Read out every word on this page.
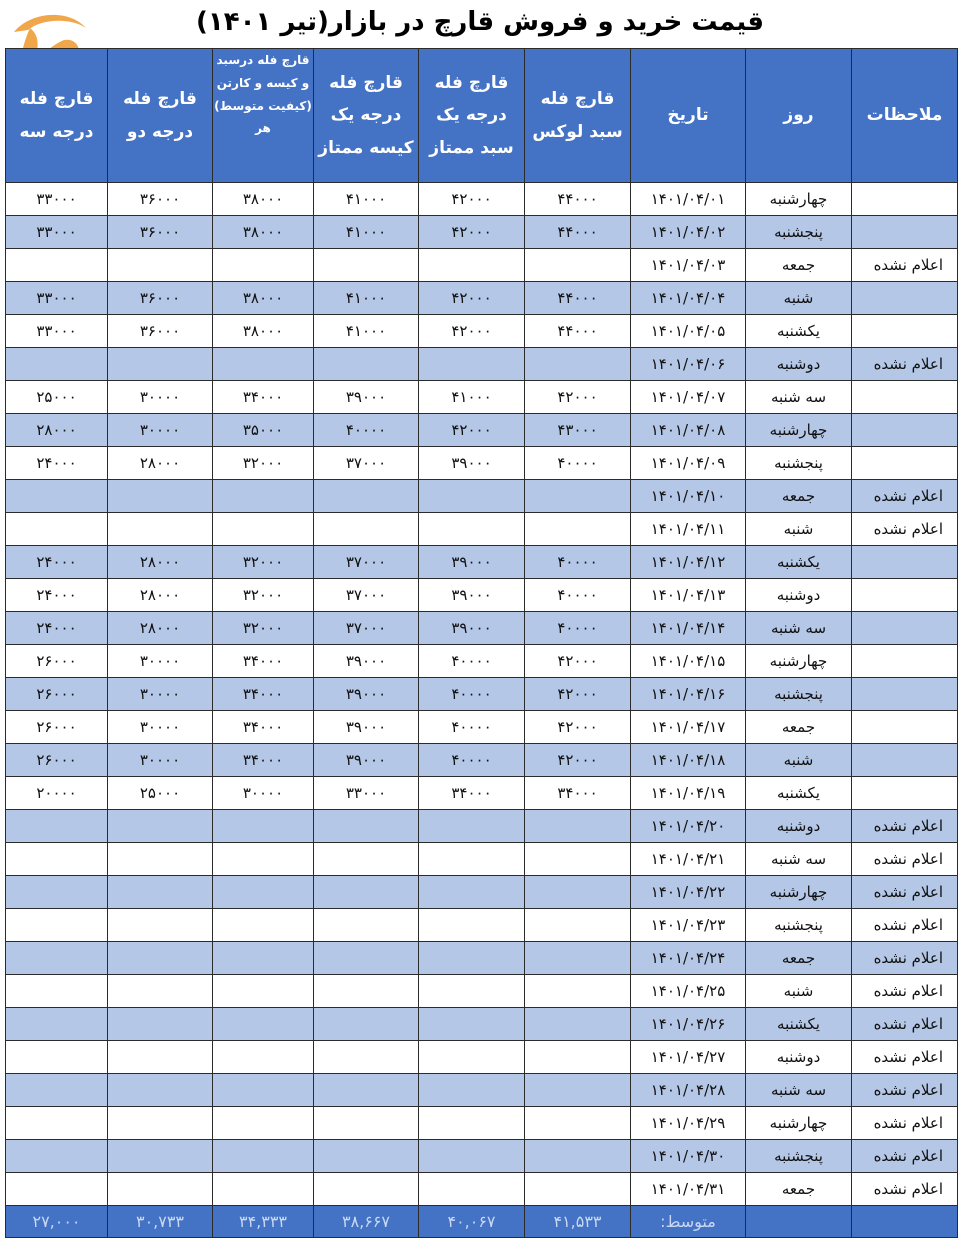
قیمت خرید و فروش قارچ در بازار(تیر ۱۴۰۱)
ملاحظات	روز	تاریخ	قارچ فله سبد لوکس	قارچ فله درجه یک سبد ممتاز	قارچ فله درجه یک کیسه ممتاز	قارچ فله درسبد و کیسه و کارتن (کیفیت متوسط) هر	قارچ فله درجه دو	قارچ فله درجه سه
	چهارشنبه	۱۴۰۱/۰۴/۰۱	۴۴۰۰۰	۴۲۰۰۰	۴۱۰۰۰	۳۸۰۰۰	۳۶۰۰۰	۳۳۰۰۰
	پنجشنبه	۱۴۰۱/۰۴/۰۲	۴۴۰۰۰	۴۲۰۰۰	۴۱۰۰۰	۳۸۰۰۰	۳۶۰۰۰	۳۳۰۰۰
اعلام نشده	جمعه	۱۴۰۱/۰۴/۰۳						
	شنبه	۱۴۰۱/۰۴/۰۴	۴۴۰۰۰	۴۲۰۰۰	۴۱۰۰۰	۳۸۰۰۰	۳۶۰۰۰	۳۳۰۰۰
	یکشنبه	۱۴۰۱/۰۴/۰۵	۴۴۰۰۰	۴۲۰۰۰	۴۱۰۰۰	۳۸۰۰۰	۳۶۰۰۰	۳۳۰۰۰
اعلام نشده	دوشنبه	۱۴۰۱/۰۴/۰۶						
	سه شنبه	۱۴۰۱/۰۴/۰۷	۴۲۰۰۰	۴۱۰۰۰	۳۹۰۰۰	۳۴۰۰۰	۳۰۰۰۰	۲۵۰۰۰
	چهارشنبه	۱۴۰۱/۰۴/۰۸	۴۳۰۰۰	۴۲۰۰۰	۴۰۰۰۰	۳۵۰۰۰	۳۰۰۰۰	۲۸۰۰۰
	پنجشنبه	۱۴۰۱/۰۴/۰۹	۴۰۰۰۰	۳۹۰۰۰	۳۷۰۰۰	۳۲۰۰۰	۲۸۰۰۰	۲۴۰۰۰
اعلام نشده	جمعه	۱۴۰۱/۰۴/۱۰						
اعلام نشده	شنبه	۱۴۰۱/۰۴/۱۱						
	یکشنبه	۱۴۰۱/۰۴/۱۲	۴۰۰۰۰	۳۹۰۰۰	۳۷۰۰۰	۳۲۰۰۰	۲۸۰۰۰	۲۴۰۰۰
	دوشنبه	۱۴۰۱/۰۴/۱۳	۴۰۰۰۰	۳۹۰۰۰	۳۷۰۰۰	۳۲۰۰۰	۲۸۰۰۰	۲۴۰۰۰
	سه شنبه	۱۴۰۱/۰۴/۱۴	۴۰۰۰۰	۳۹۰۰۰	۳۷۰۰۰	۳۲۰۰۰	۲۸۰۰۰	۲۴۰۰۰
	چهارشنبه	۱۴۰۱/۰۴/۱۵	۴۲۰۰۰	۴۰۰۰۰	۳۹۰۰۰	۳۴۰۰۰	۳۰۰۰۰	۲۶۰۰۰
	پنجشنبه	۱۴۰۱/۰۴/۱۶	۴۲۰۰۰	۴۰۰۰۰	۳۹۰۰۰	۳۴۰۰۰	۳۰۰۰۰	۲۶۰۰۰
	جمعه	۱۴۰۱/۰۴/۱۷	۴۲۰۰۰	۴۰۰۰۰	۳۹۰۰۰	۳۴۰۰۰	۳۰۰۰۰	۲۶۰۰۰
	شنبه	۱۴۰۱/۰۴/۱۸	۴۲۰۰۰	۴۰۰۰۰	۳۹۰۰۰	۳۴۰۰۰	۳۰۰۰۰	۲۶۰۰۰
	یکشنبه	۱۴۰۱/۰۴/۱۹	۳۴۰۰۰	۳۴۰۰۰	۳۳۰۰۰	۳۰۰۰۰	۲۵۰۰۰	۲۰۰۰۰
اعلام نشده	دوشنبه	۱۴۰۱/۰۴/۲۰						
اعلام نشده	سه شنبه	۱۴۰۱/۰۴/۲۱						
اعلام نشده	چهارشنبه	۱۴۰۱/۰۴/۲۲						
اعلام نشده	پنجشنبه	۱۴۰۱/۰۴/۲۳						
اعلام نشده	جمعه	۱۴۰۱/۰۴/۲۴						
اعلام نشده	شنبه	۱۴۰۱/۰۴/۲۵						
اعلام نشده	یکشنبه	۱۴۰۱/۰۴/۲۶						
اعلام نشده	دوشنبه	۱۴۰۱/۰۴/۲۷						
اعلام نشده	سه شنبه	۱۴۰۱/۰۴/۲۸						
اعلام نشده	چهارشنبه	۱۴۰۱/۰۴/۲۹						
اعلام نشده	پنجشنبه	۱۴۰۱/۰۴/۳۰						
اعلام نشده	جمعه	۱۴۰۱/۰۴/۳۱						
		متوسط:	۴۱,۵۳۳	۴۰,۰۶۷	۳۸,۶۶۷	۳۴,۳۳۳	۳۰,۷۳۳	۲۷,۰۰۰
